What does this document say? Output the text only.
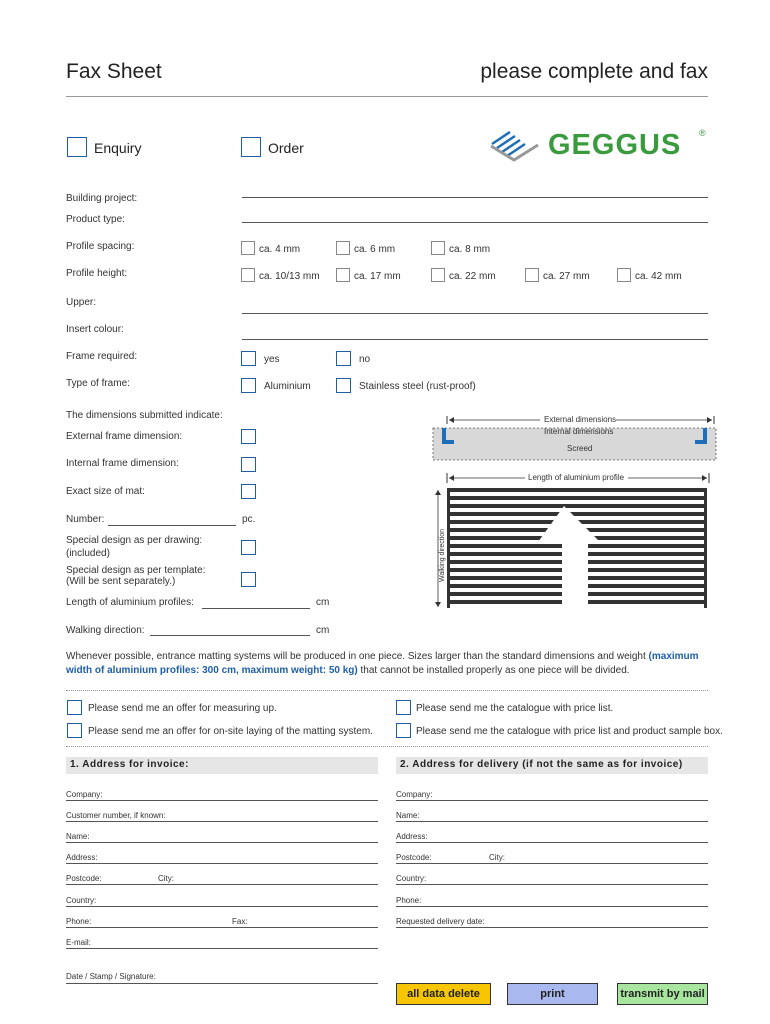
Fax Sheet	please complete and fax
Enquiry	Order	GEGGUS ®
Building project:
Product type:
Profile spacing:	ca. 4 mm	ca. 6 mm	ca. 8 mm
Profile height:	ca. 10/13 mm	ca. 17 mm	ca. 22 mm	ca. 27 mm	ca. 42 mm
Upper:
Insert colour:
Frame required:	yes	no
Type of frame:	Aluminium	Stainless steel (rust-proof)
The dimensions submitted indicate:
External frame dimension:
Internal frame dimension:
Exact size of mat:
Number:	pc.
Special design as per drawing:
(included)
Special design as per template:
(Will be sent separately.)
Length of aluminium profiles:	cm
Walking direction:	cm
External dimensions
Internal dimensions
Screed
Length of aluminium profile
Walking direction
Whenever possible, entrance matting systems will be produced in one piece. Sizes larger than the standard dimensions and weight (maximum width of aluminium profiles: 300 cm, maximum weight: 50 kg) that cannot be installed properly as one piece will be divided.
Please send me an offer for measuring up.
Please send me an offer for on-site laying of the matting system.
Please send me the catalogue with price list.
Please send me the catalogue with price list and product sample box.
1. Address for invoice:	2. Address for delivery (if not the same as for invoice)
Company:
Customer number, if known:
Name:
Address:
Postcode:	City:
Country:
Phone:	Fax:
E-mail:
Date / Stamp / Signature:
Company:
Name:
Address:
Postcode:	City:
Country:
Phone:
Requested delivery date:
all data delete	print	transmit by mail
